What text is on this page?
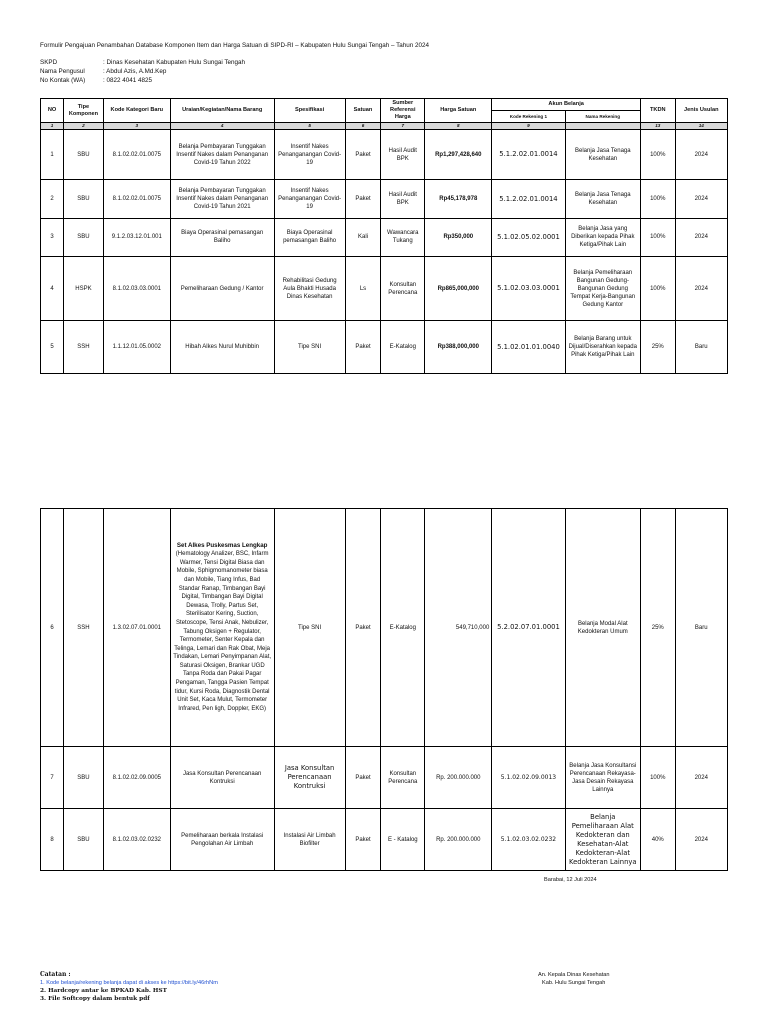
Formulir Pengajuan Penambahan Database Komponen Item dan Harga Satuan di SIPD-RI – Kabupaten Hulu Sungai Tengah – Tahun 2024
SKPD	: Dinas Kesehatan Kabupaten Hulu Sungai Tengah
Nama Pengusul	: Abdul Azis, A.Md.Kep
No Kontak (WA)	: 0822 4041 4825
NO	Tipe Komponen	Kode Kategori Baru	Uraian/Kegiatan/Nama Barang	Spesifikasi	Satuan	Sumber Referensi Harga	Harga Satuan	Akun Belanja		TKDN	Jenis Usulan
								Kode Rekening 1	Nama Rekening		
1	2	3	4	5	6	7	8	9		13	14
1	SBU	8.1.02.02.01.0075	Belanja Pembayaran Tunggakan Insentif Nakes dalam Penanganan Covid-19 Tahun 2022	Insentif Nakes Penanganangan Covid-19	Paket	Hasil Audit BPK	Rp1,297,428,640	5.1.2.02.01.0014	Belanja Jasa Tenaga Kesehatan	100%	2024
2	SBU	8.1.02.02.01.0075	Belanja Pembayaran Tunggakan Insentif Nakes dalam Penanganan Covid-19 Tahun 2021	Insentif Nakes Penanganangan Covid-19	Paket	Hasil Audit BPK	Rp45,178,978	5.1.2.02.01.0014	Belanja Jasa Tenaga Kesehatan	100%	2024
3	SBU	9.1.2.03.12.01.001	Biaya Operasinal pemasangan Baliho	Biaya Operasinal pemasangan Baliho	Kali	Wawancara Tukang	Rp350,000	5.1.02.05.02.0001	Belanja Jasa yang Diberikan kepada Pihak Ketiga/Pihak Lain	100%	2024
4	HSPK	8.1.02.03.03.0001	Pemeliharaan Gedung / Kantor	Rehabilitasi Gedung Aula Bhakti Husada Dinas Kesehatan	Ls	Konsultan Perencana	Rp865,000,000	5.1.02.03.03.0001	Belanja Pemeliharaan Bangunan Gedung-Bangunan Gedung Tempat Kerja-Bangunan Gedung Kantor	100%	2024
5	SSH	1.1.12.01.05.0002	Hibah Alkes Nurul Muhibbin	Tipe SNI	Paket	E-Katalog	Rp388,000,000	5.1.02.01.01.0040	Belanja Barang untuk Dijual/Diserahkan kepada Pihak Ketiga/Pihak Lain	25%	Baru
6	SSH	1.3.02.07.01.0001	Set Alkes Puskesmas Lengkap
(Hematology Analizer, BSC, Infarm Warmer, Tensi Digital Biasa dan Mobile, Sphigmomanometer biasa dan Mobile, Tiang Infus, Bad Standar Ranap, Timbangan Bayi Digital, Timbangan Bayi Digital Dewasa, Trolly, Partus Set, Sterilisator Kering, Suction, Stetoscope, Tensi Anak, Nebulizer, Tabung Oksigen + Regulator, Termometer, Senter Kepala dan Telinga, Lemari dan Rak Obat, Meja Tindakan, Lemari Penyimpanan Alat, Saturasi Oksigen, Brankar UGD Tanpa Roda dan Pakai Pagar Pengaman, Tangga Pasien Tempat tidur, Kursi Roda, Diagnostik Dental Unit Set, Kaca Mulut, Termometer Infrared, Pen ligh, Doppler, EKG)	Tipe SNI	Paket	E-Katalog	549,710,000	5.2.02.07.01.0001	Belanja Modal Alat Kedokteran Umum	25%	Baru
7	SBU	8.1.02.02.09.0005	Jasa Konsultan Perencanaan Kontruksi	Jasa Konsultan Perencanaan Kontruksi	Paket	Konsultan Perencana	Rp. 200.000.000	5.1.02.02.09.0013	Belanja Jasa Konsultansi Perencanaan Rekayasa-Jasa Desain Rekayasa Lainnya	100%	2024
8	SBU	8.1.02.03.02.0232	Pemeliharaan berkala Instalasi Pengolahan Air Limbah	Instalasi Air Limbah Biofilter	Paket	E - Katalog	Rp. 200.000.000	5.1.02.03.02.0232	Belanja Pemeliharaan Alat Kedokteran dan Kesehatan-Alat Kedokteran-Alat Kedokteran Lainnya	40%	2024
Barabai, 12 Juli 2024
An. Kepala Dinas Kesehatan
Kab. Hulu Sungai Tengah
Catatan :
1. Kode belanja/rekening belanja dapat di akses ke https://bit.ly/46rhNm
2. Hardcopy antar ke BPKAD Kab. HST
3. File Softcopy dalam bentuk pdf
